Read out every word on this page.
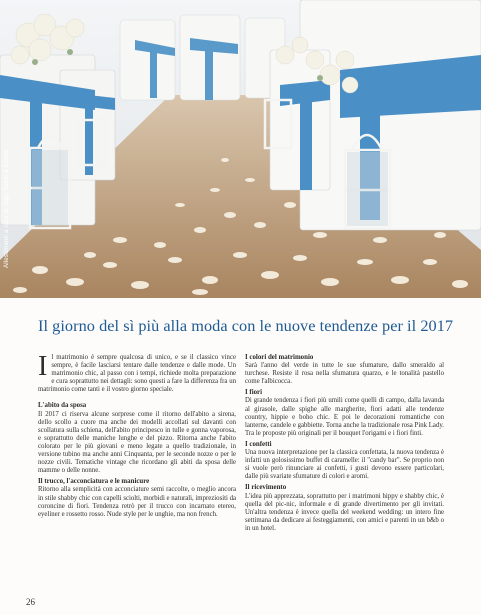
Allestimenti a cura di Oggi Sposi & Eventi
Il giorno del sì più alla moda con le nuove tendenze per il 2017

Il matrimonio è sempre qualcosa di unico, e se il classico vince sempre, è facile lasciarsi tentare dalle tendenze e dalle mode. Un matrimonio chic, al passo con i tempi, richiede molta preparazione e cura soprattutto nei dettagli: sono questi a fare la differenza fra un matrimonio come tanti e il vostro giorno speciale.

L'abito da sposa

Il 2017 ci riserva alcune sorprese come il ritorno dell'abito a sirena, dello scollo a cuore ma anche dei modelli accollati sul davanti con scollatura sulla schiena, dell'abito principesco in tulle e gonna vaporosa, e soprattutto delle maniche lunghe e del pizzo. Ritorna anche l'abito colorato per le più giovani e meno legate a quello tradizionale, in versione tubino ma anche anni Cinquanta, per le seconde nozze o per le nozze civili. Tematiche vintage che ricordano gli abiti da sposa delle mamme o delle nonne.

Il trucco, l'acconciatura e le manicure

Ritorno alla semplicità con acconciature semi raccolte, o meglio ancora in stile shabby chic con capelli sciolti, morbidi e naturali, impreziositi da coroncine di fiori. Tendenza retrò per il trucco con incarnato etereo, eyeliner e rossetto rosso. Nude style per le unghie, ma non french.

I colori del matrimonio

Sarà l'anno del verde in tutte le sue sfumature, dallo smeraldo al turchese. Resiste il rosa nella sfumatura quarzo, e le tonalità pastello come l'albicocca.

I fiori

Di grande tendenza i fiori più umili come quelli di campo, dalla lavanda al girasole, dalle spighe alle margherite, fiori adatti alle tendenze country, hippie e boho chic. E poi le decorazioni romantiche con lanterne, candele e gabbiette. Torna anche la tradizionale rosa Pink Lady. Tra le proposte più originali per il bouquet l'origami e i fiori finti.

I confetti

Una nuova interpretazione per la classica confettata, la nuova tendenza è infatti un golosissimo buffet di caramelle: il "candy bar". Se proprio non si vuole però rinunciare ai confetti, i gusti devono essere particolari, dalle più svariate sfumature di colori e aromi.

Il ricevimento

L'idea più apprezzata, soprattutto per i matrimoni hippy e shabby chic, è quella del pic-nic, informale e di grande divertimento per gli invitati. Un'altra tendenza è invece quella del weekend wedding: un intero fine settimana da dedicare ai festeggiamenti, con amici e parenti in un b&b o in un hotel.

26
